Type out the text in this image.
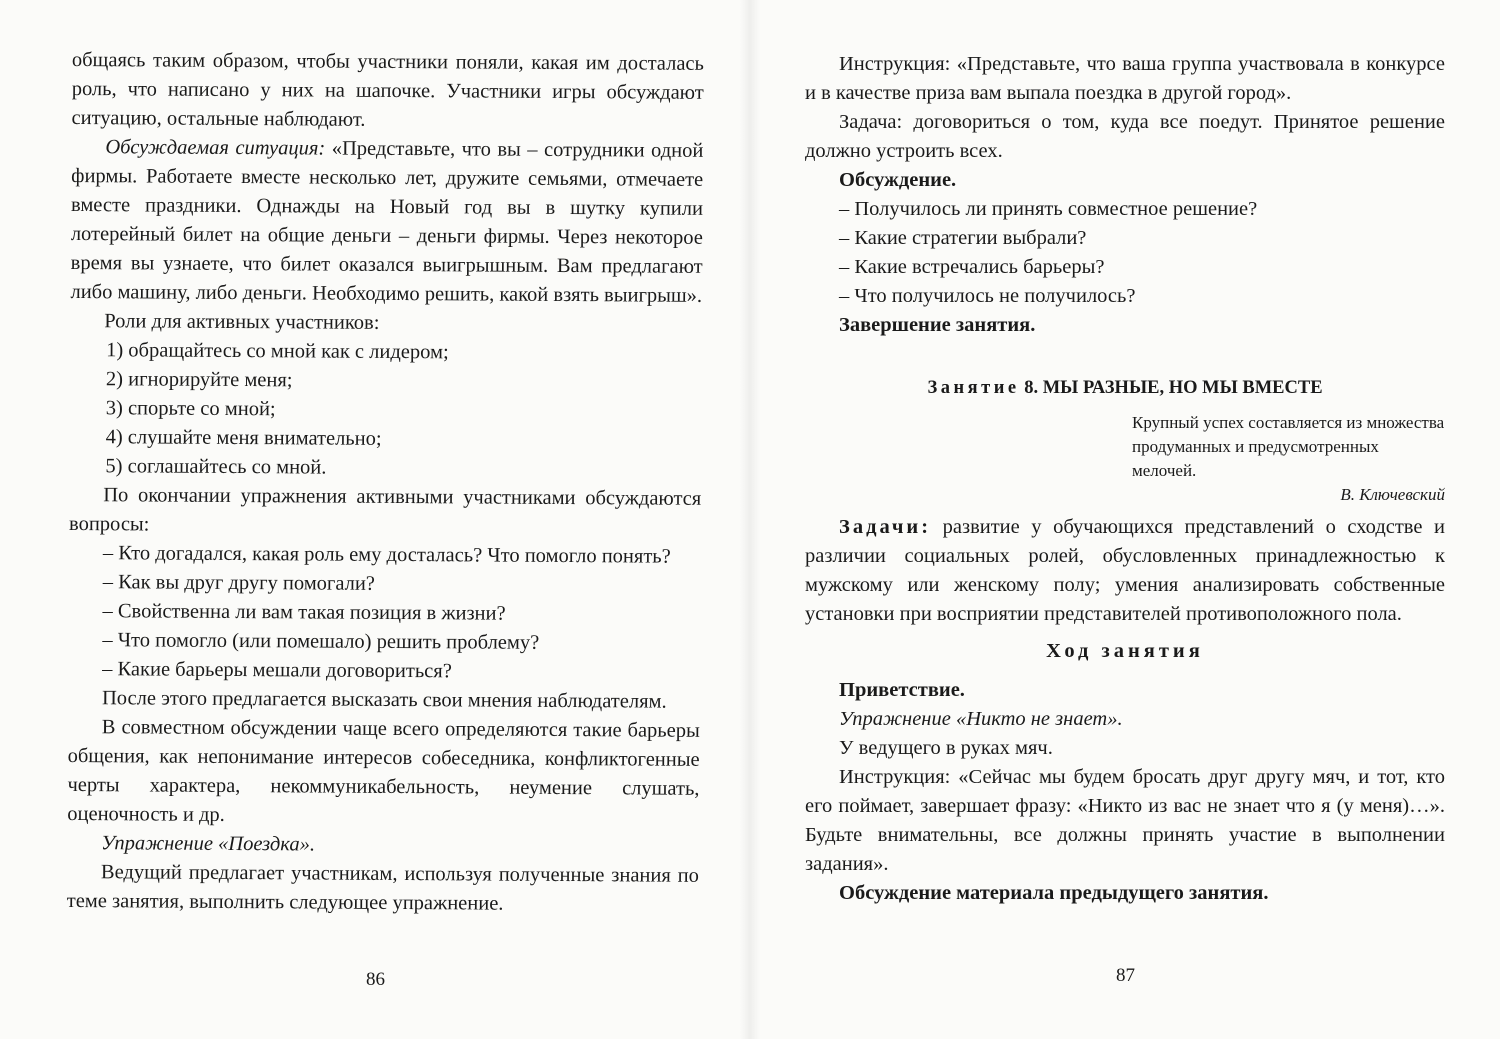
общаясь таким образом, чтобы участники поняли, какая им досталась роль, что написано у них на шапочке. Участники игры обсуждают ситуацию, остальные наблюдают.

Обсуждаемая ситуация: «Представьте, что вы – сотрудники одной фирмы. Работаете вместе несколько лет, дружите семьями, отмечаете вместе праздники. Однажды на Новый год вы в шутку купили лотерейный билет на общие деньги – деньги фирмы. Через некоторое время вы узнаете, что билет оказался выигрышным. Вам предлагают либо машину, либо деньги. Необходимо решить, какой взять выигрыш».

Роли для активных участников:

1) обращайтесь со мной как с лидером;

2) игнорируйте меня;

3) спорьте со мной;

4) слушайте меня внимательно;

5) соглашайтесь со мной.

По окончании упражнения активными участниками обсуждаются вопросы:

– Кто догадался, какая роль ему досталась? Что помогло понять?

– Как вы друг другу помогали?

– Свойственна ли вам такая позиция в жизни?

– Что помогло (или помешало) решить проблему?

– Какие барьеры мешали договориться?

После этого предлагается высказать свои мнения наблюдателям.

В совместном обсуждении чаще всего определяются такие барьеры общения, как непонимание интересов собеседника, конфликтогенные черты характера, некоммуникабельность, неумение слушать, оценочность и др.

Упражнение «Поездка».

Ведущий предлагает участникам, используя полученные знания по теме занятия, выполнить следующее упражнение.

86

Инструкция: «Представьте, что ваша группа участвовала в конкурсе и в качестве приза вам выпала поездка в другой город».

Задача: договориться о том, куда все поедут. Принятое решение должно устроить всех.

Обсуждение.

– Получилось ли принять совместное решение?

– Какие стратегии выбрали?

– Какие встречались барьеры?

– Что получилось не получилось?

Завершение занятия.

Занятие 8. МЫ РАЗНЫЕ, НО МЫ ВМЕСТЕ
Крупный успех составляется из множества продуманных и предусмотренных мелочей.
В. Ключевский

Задачи: развитие у обучающихся представлений о сходстве и различии социальных ролей, обусловленных принадлежностью к мужскому или женскому полу; умения анализировать собственные установки при восприятии представителей противоположного пола.

Ход занятия

Приветствие.

Упражнение «Никто не знает».

У ведущего в руках мяч.

Инструкция: «Сейчас мы будем бросать друг другу мяч, и тот, кто его поймает, завершает фразу: «Никто из вас не знает что я (у меня)…». Будьте внимательны, все должны принять участие в выполнении задания».

Обсуждение материала предыдущего занятия.

87
